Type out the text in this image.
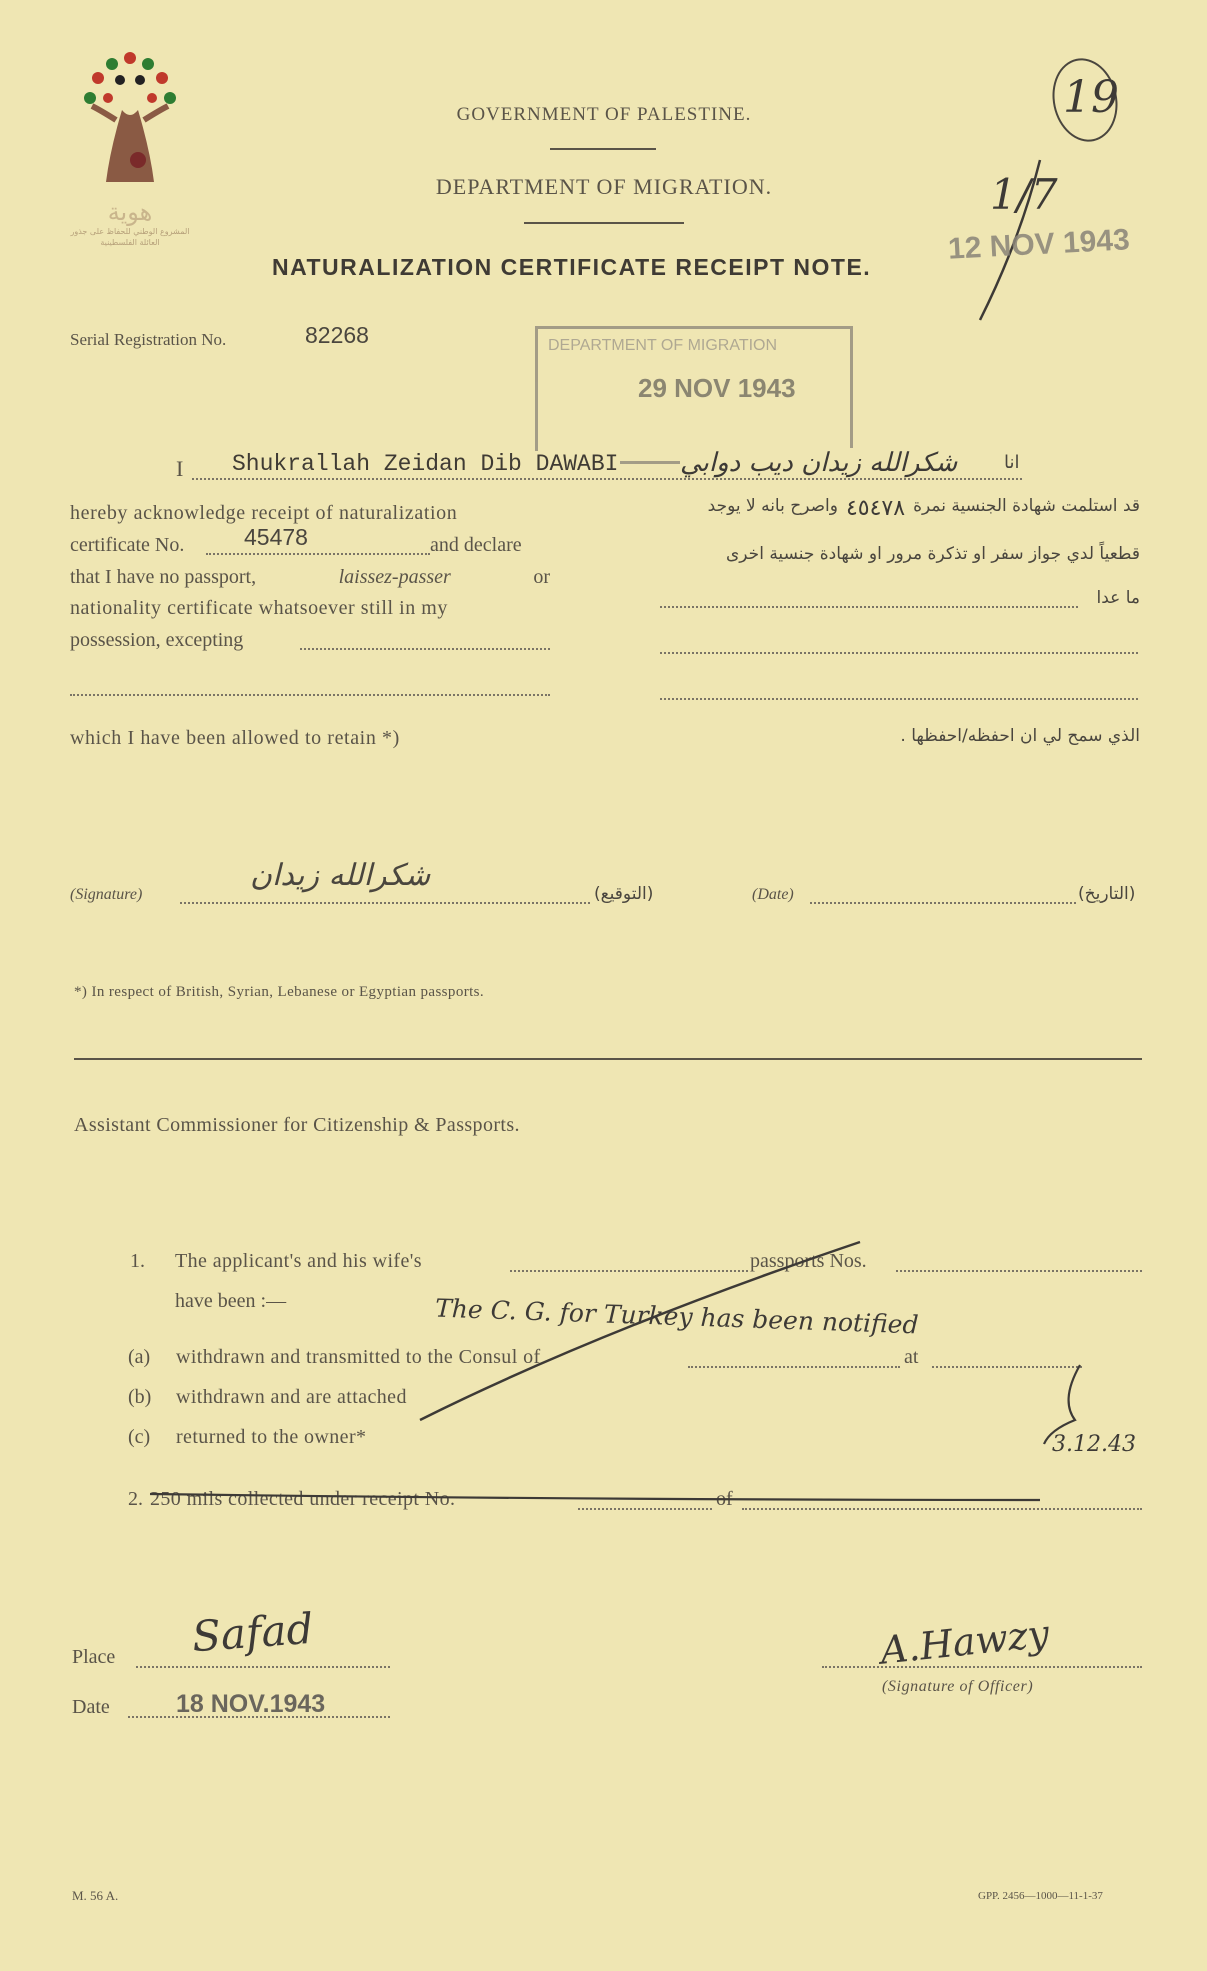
هوية
المشروع الوطني للحفاظ على جذور العائلة الفلسطينية
19
GOVERNMENT OF PALESTINE.
DEPARTMENT OF MIGRATION.
NATURALIZATION CERTIFICATE RECEIPT NOTE.
1/7
12 NOV 1943
Serial Registration No.	82268	DEPARTMENT OF MIGRATION
29 NOV 1943
I Shukrallah Zeidan Dib DAWABI شكرالله زيدان ديب دوابي	انا
hereby acknowledge receipt of naturalization
certificate No.	45478	and declare
that I have no passport,	laissez-passer	or
nationality certificate whatsoever still in my
possession, excepting
which I have been allowed to retain *)
قد استلمت شهادة الجنسية نمرة
٤٥٤٧٨
واصرح بانه لا يوجد
قطعياً لدي جواز سفر او تذكرة مرور او شهادة جنسية اخرى
ما عدا
الذي سمح لي ان احفظه/احفظها .
(Signature)
شكرالله زيدان
(التوقيع)	(Date)	(التاريخ)
*) In respect of British, Syrian, Lebanese or Egyptian passports.
Assistant Commissioner for Citizenship & Passports.
1. The applicant's and his wife's	passports Nos.
have been :—	The C. G. for Turkey has been notified
(a) withdrawn and transmitted to the Consul of	at
(b) withdrawn and are attached
(c) returned to the owner*	3.12.43
2. 250 mils collected under receipt No.	of
Place Safad
Date	18 NOV.1943
A.Hawzy
(Signature of Officer)
M. 56 A.	GPP. 2456—1000—11-1-37
